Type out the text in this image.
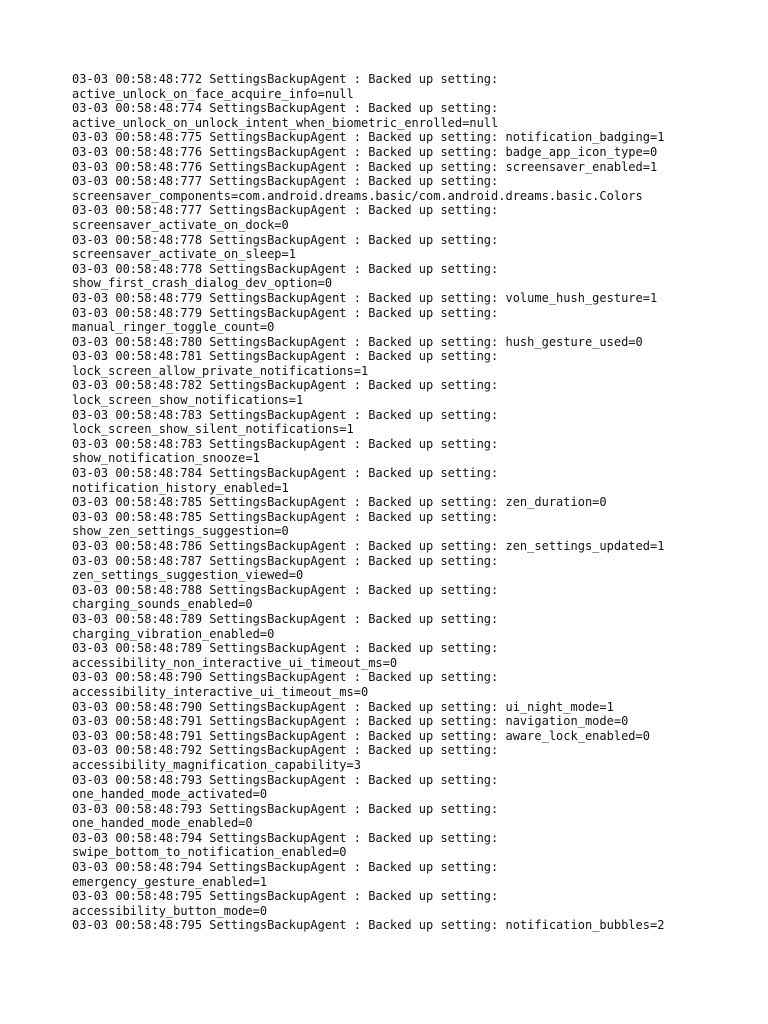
03-03 00:58:48:772 SettingsBackupAgent : Backed up setting:
active_unlock_on_face_acquire_info=null
03-03 00:58:48:774 SettingsBackupAgent : Backed up setting:
active_unlock_on_unlock_intent_when_biometric_enrolled=null
03-03 00:58:48:775 SettingsBackupAgent : Backed up setting: notification_badging=1
03-03 00:58:48:776 SettingsBackupAgent : Backed up setting: badge_app_icon_type=0
03-03 00:58:48:776 SettingsBackupAgent : Backed up setting: screensaver_enabled=1
03-03 00:58:48:777 SettingsBackupAgent : Backed up setting:
screensaver_components=com.android.dreams.basic/com.android.dreams.basic.Colors
03-03 00:58:48:777 SettingsBackupAgent : Backed up setting:
screensaver_activate_on_dock=0
03-03 00:58:48:778 SettingsBackupAgent : Backed up setting:
screensaver_activate_on_sleep=1
03-03 00:58:48:778 SettingsBackupAgent : Backed up setting:
show_first_crash_dialog_dev_option=0
03-03 00:58:48:779 SettingsBackupAgent : Backed up setting: volume_hush_gesture=1
03-03 00:58:48:779 SettingsBackupAgent : Backed up setting:
manual_ringer_toggle_count=0
03-03 00:58:48:780 SettingsBackupAgent : Backed up setting: hush_gesture_used=0
03-03 00:58:48:781 SettingsBackupAgent : Backed up setting:
lock_screen_allow_private_notifications=1
03-03 00:58:48:782 SettingsBackupAgent : Backed up setting:
lock_screen_show_notifications=1
03-03 00:58:48:783 SettingsBackupAgent : Backed up setting:
lock_screen_show_silent_notifications=1
03-03 00:58:48:783 SettingsBackupAgent : Backed up setting:
show_notification_snooze=1
03-03 00:58:48:784 SettingsBackupAgent : Backed up setting:
notification_history_enabled=1
03-03 00:58:48:785 SettingsBackupAgent : Backed up setting: zen_duration=0
03-03 00:58:48:785 SettingsBackupAgent : Backed up setting:
show_zen_settings_suggestion=0
03-03 00:58:48:786 SettingsBackupAgent : Backed up setting: zen_settings_updated=1
03-03 00:58:48:787 SettingsBackupAgent : Backed up setting:
zen_settings_suggestion_viewed=0
03-03 00:58:48:788 SettingsBackupAgent : Backed up setting:
charging_sounds_enabled=0
03-03 00:58:48:789 SettingsBackupAgent : Backed up setting:
charging_vibration_enabled=0
03-03 00:58:48:789 SettingsBackupAgent : Backed up setting:
accessibility_non_interactive_ui_timeout_ms=0
03-03 00:58:48:790 SettingsBackupAgent : Backed up setting:
accessibility_interactive_ui_timeout_ms=0
03-03 00:58:48:790 SettingsBackupAgent : Backed up setting: ui_night_mode=1
03-03 00:58:48:791 SettingsBackupAgent : Backed up setting: navigation_mode=0
03-03 00:58:48:791 SettingsBackupAgent : Backed up setting: aware_lock_enabled=0
03-03 00:58:48:792 SettingsBackupAgent : Backed up setting:
accessibility_magnification_capability=3
03-03 00:58:48:793 SettingsBackupAgent : Backed up setting:
one_handed_mode_activated=0
03-03 00:58:48:793 SettingsBackupAgent : Backed up setting:
one_handed_mode_enabled=0
03-03 00:58:48:794 SettingsBackupAgent : Backed up setting:
swipe_bottom_to_notification_enabled=0
03-03 00:58:48:794 SettingsBackupAgent : Backed up setting:
emergency_gesture_enabled=1
03-03 00:58:48:795 SettingsBackupAgent : Backed up setting:
accessibility_button_mode=0
03-03 00:58:48:795 SettingsBackupAgent : Backed up setting: notification_bubbles=2
